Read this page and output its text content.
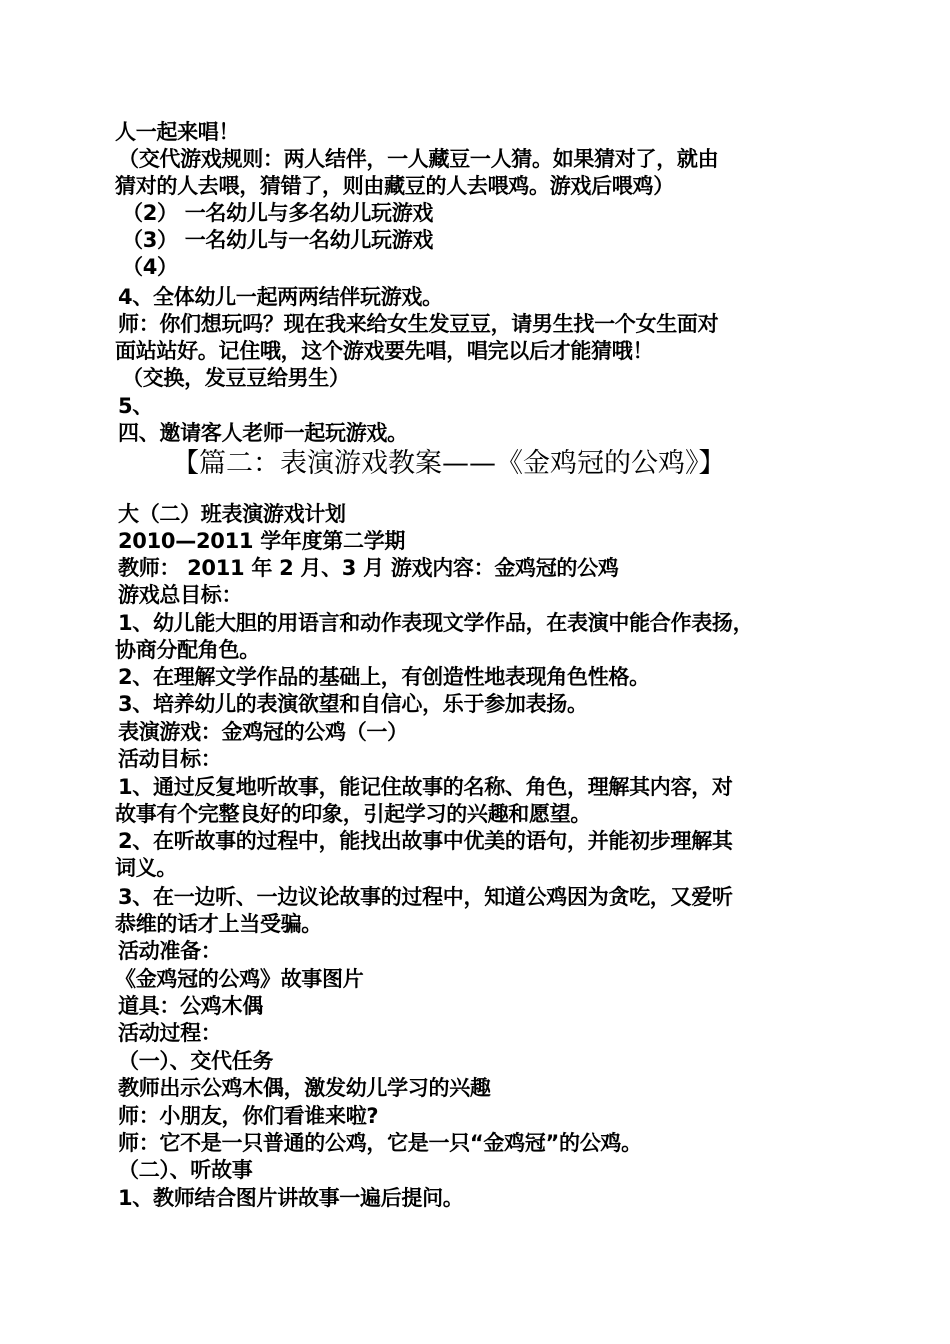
人一起来唱！
（交代游戏规则：两人结伴，一人藏豆一人猜。如果猜对了，就由
猜对的人去喂，猜错了，则由藏豆的人去喂鸡。游戏后喂鸡）
（2） 一名幼儿与多名幼儿玩游戏
（3） 一名幼儿与一名幼儿玩游戏
（4）
4、全体幼儿一起两两结伴玩游戏。
师：你们想玩吗？现在我来给女生发豆豆，请男生找一个女生面对
面站站好。记住哦，这个游戏要先唱，唱完以后才能猜哦！
（交换，发豆豆给男生）
5、
四、邀请客人老师一起玩游戏。
【篇二：表演游戏教案——《金鸡冠的公鸡》】
大（二）班表演游戏计划
2010—2011 学年度第二学期
教师： 2011 年 2 月、3 月 游戏内容：金鸡冠的公鸡
游戏总目标：
1、幼儿能大胆的用语言和动作表现文学作品，在表演中能合作表扬，
协商分配角色。
2、在理解文学作品的基础上，有创造性地表现角色性格。
3、培养幼儿的表演欲望和自信心，乐于参加表扬。
表演游戏：金鸡冠的公鸡（一）
活动目标：
1、通过反复地听故事，能记住故事的名称、角色，理解其内容，对
故事有个完整良好的印象，引起学习的兴趣和愿望。
2、在听故事的过程中，能找出故事中优美的语句，并能初步理解其
词义。
3、在一边听、一边议论故事的过程中，知道公鸡因为贪吃，又爱听
恭维的话才上当受骗。
活动准备：
《金鸡冠的公鸡》故事图片
道具：公鸡木偶
活动过程：
（一）、交代任务
教师出示公鸡木偶，激发幼儿学习的兴趣
师：小朋友，你们看谁来啦?
师：它不是一只普通的公鸡，它是一只“金鸡冠”的公鸡。
（二）、听故事
1、教师结合图片讲故事一遍后提问。
